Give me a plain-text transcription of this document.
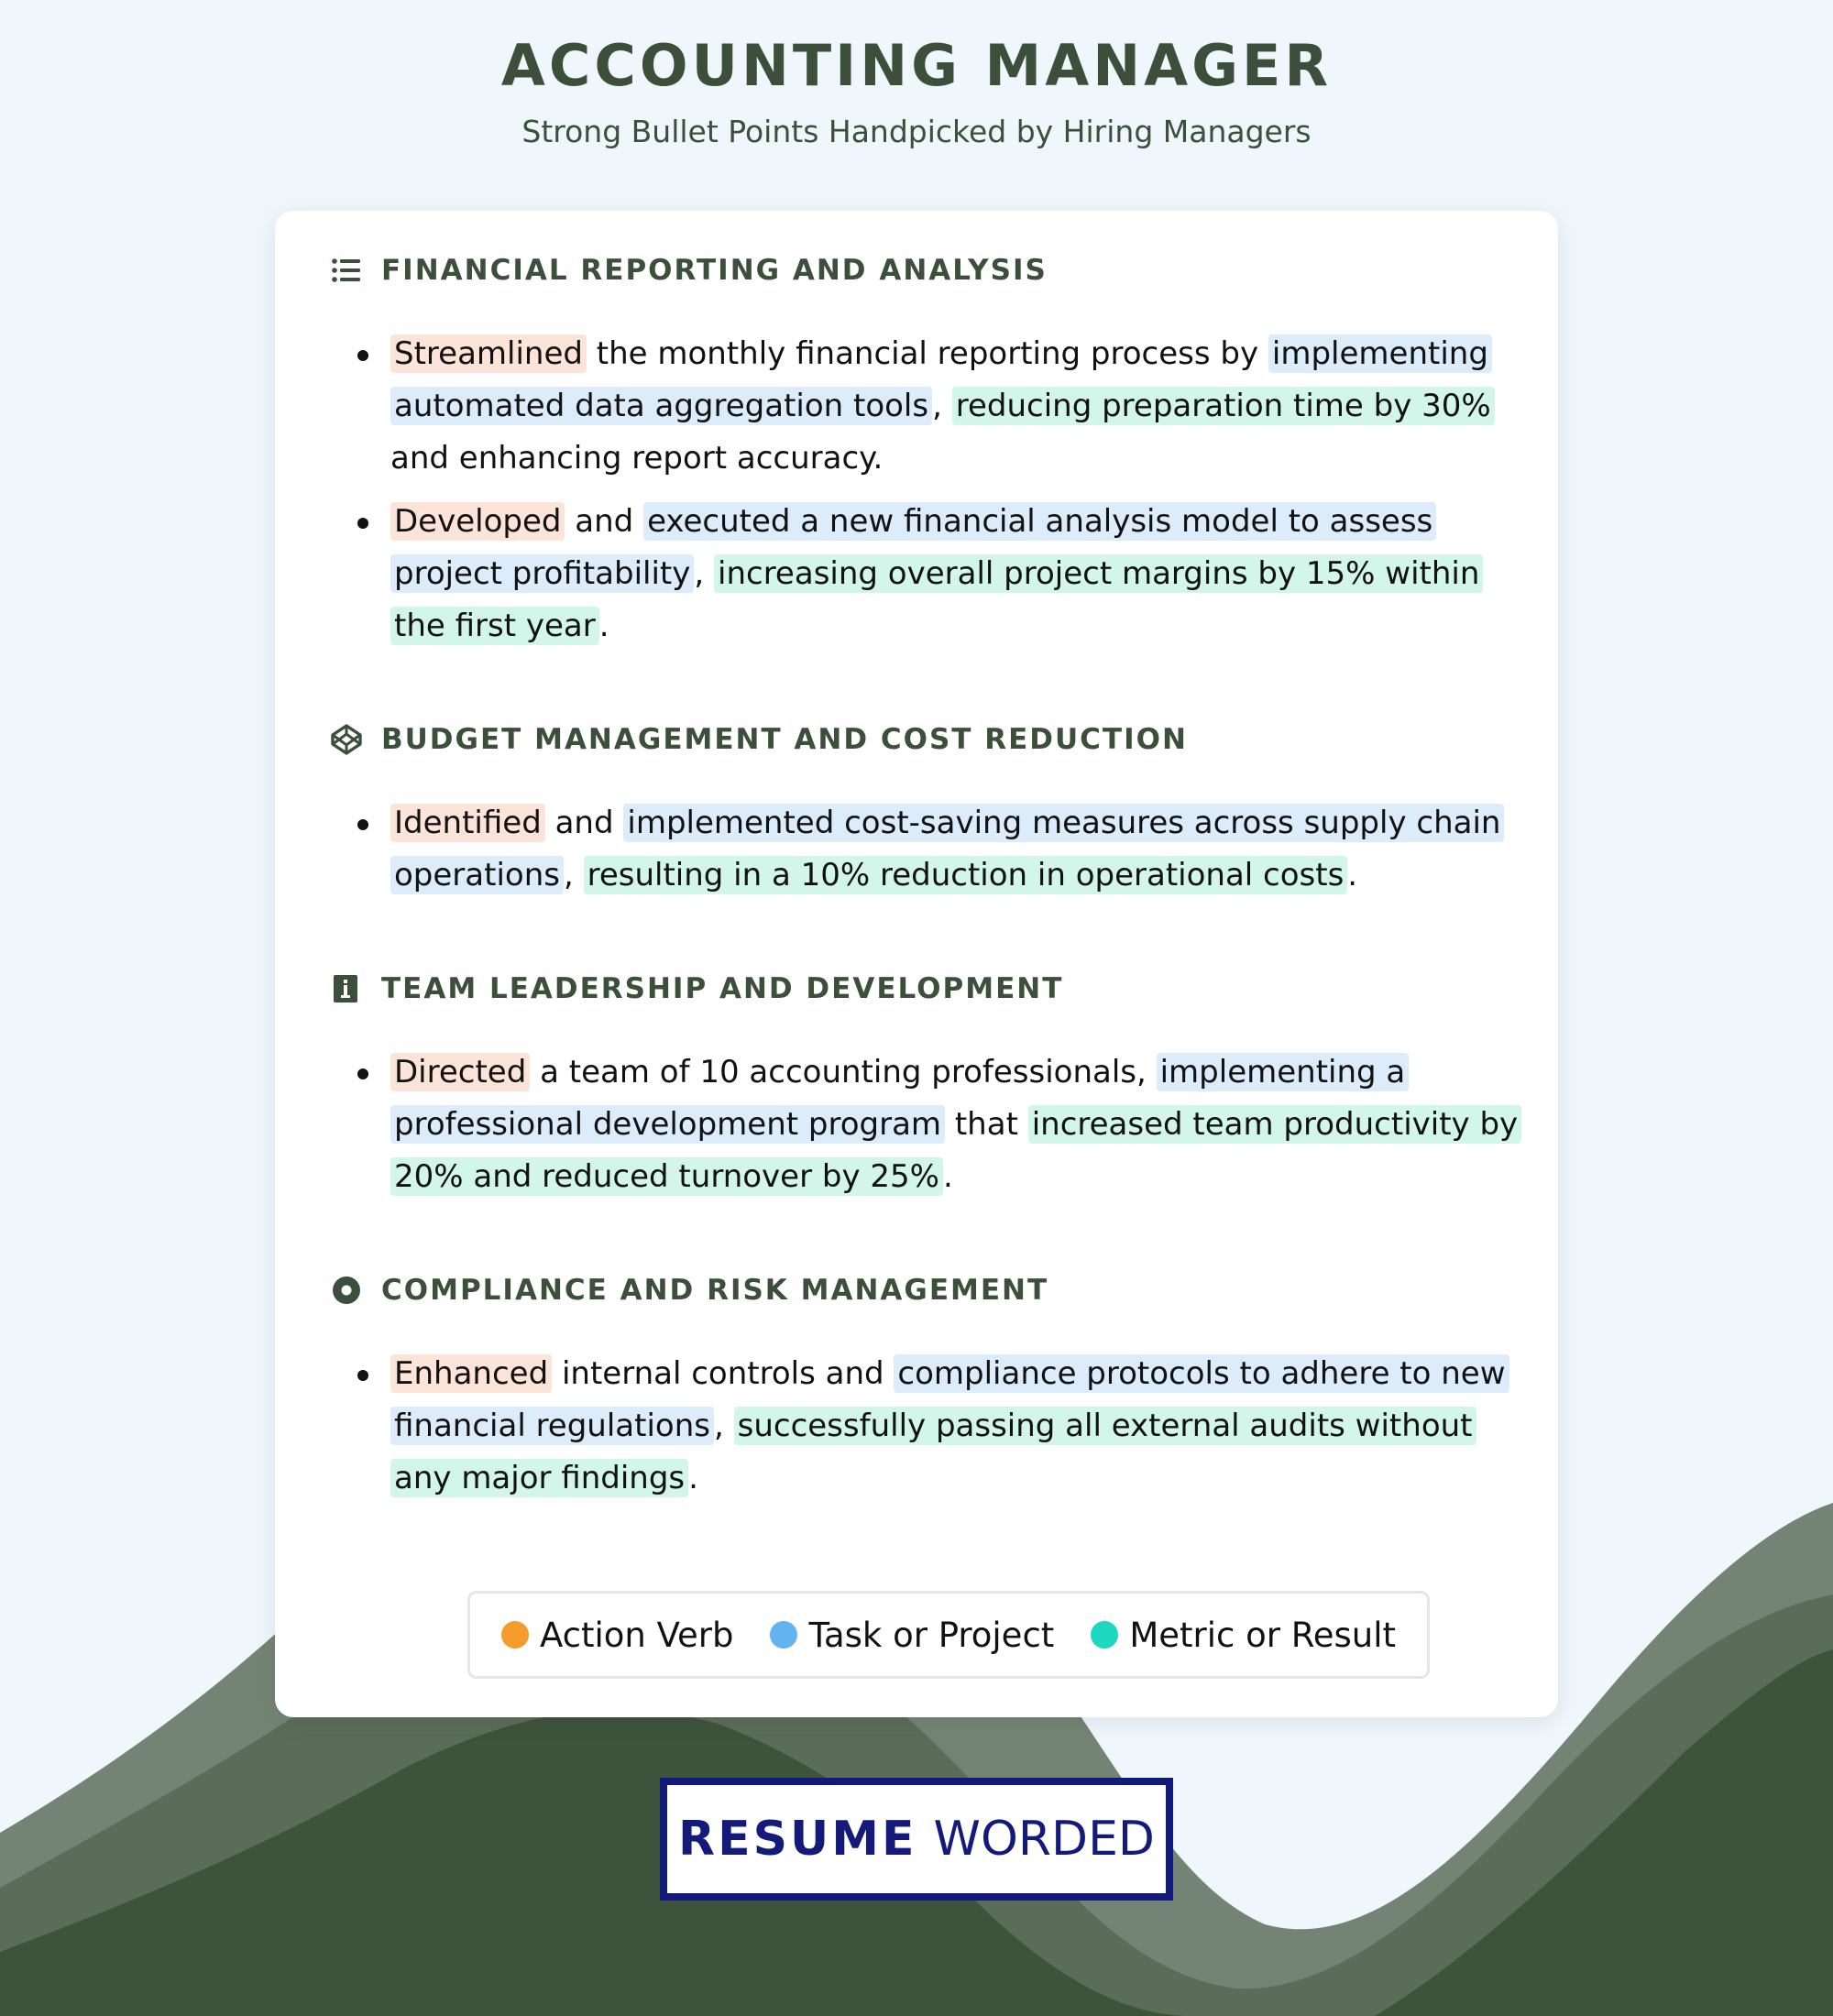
ACCOUNTING MANAGER
Strong Bullet Points Handpicked by Hiring Managers
FINANCIAL REPORTING AND ANALYSIS
Streamlined the monthly financial reporting process by implementing automated data aggregation tools , reducing preparation time by 30% and enhancing report accuracy.
Developed and executed a new financial analysis model to assess project profitability , increasing overall project margins by 15% within the first year .
BUDGET MANAGEMENT AND COST REDUCTION
Identified and implemented cost-saving measures across supply chain operations , resulting in a 10% reduction in operational costs .
TEAM LEADERSHIP AND DEVELOPMENT
Directed a team of 10 accounting professionals, implementing a professional development program that increased team productivity by 20% and reduced turnover by 25% .
COMPLIANCE AND RISK MANAGEMENT
Enhanced internal controls and compliance protocols to adhere to new financial regulations , successfully passing all external audits without any major findings .
Action Verb Task or Project Metric or Result
RESUME WORDED
